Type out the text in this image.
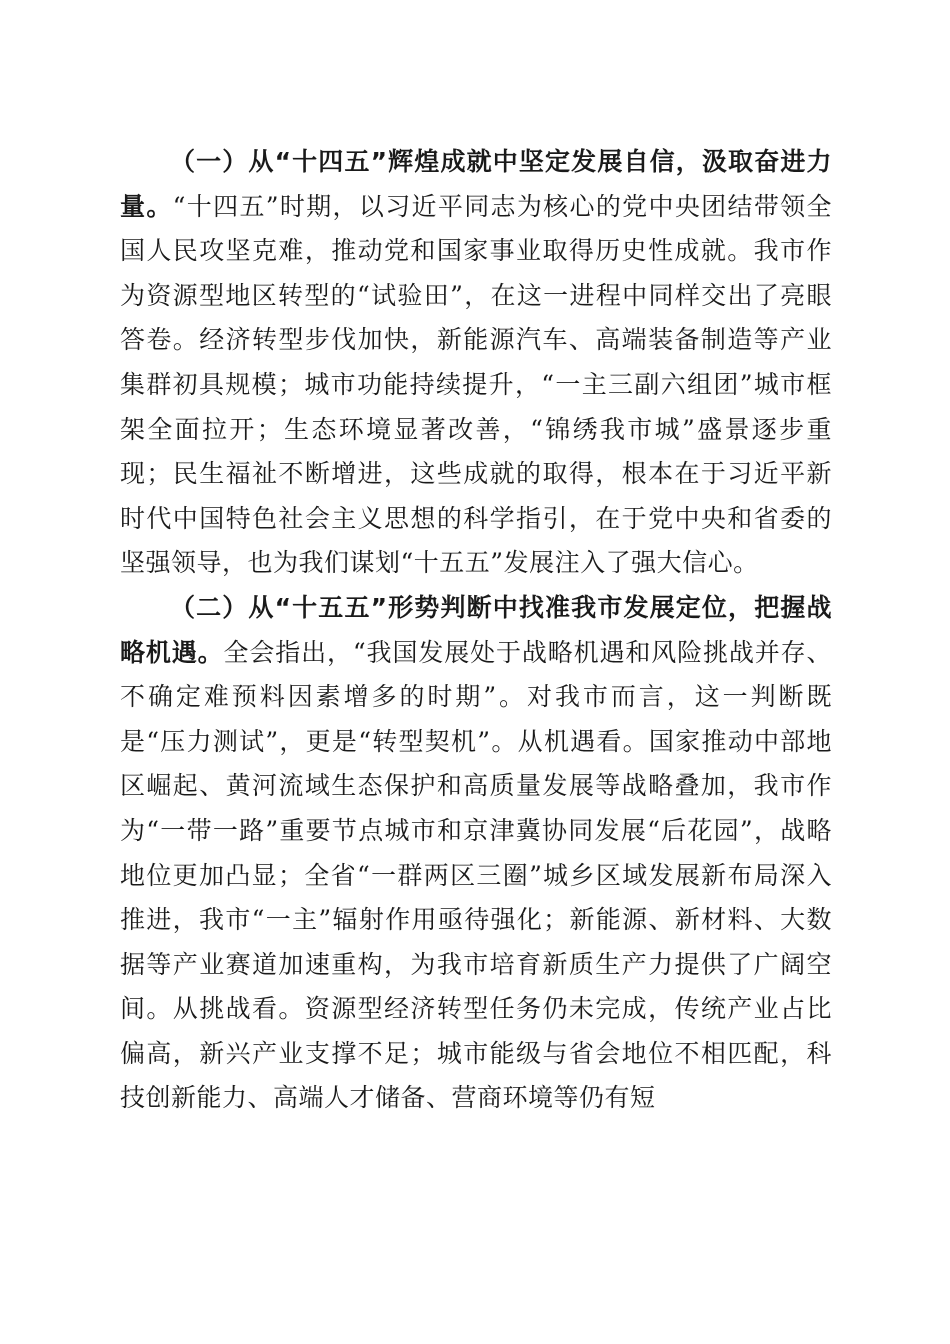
（一）从“十四五”辉煌成就中坚定发展自信，汲取奋进力量。“十四五”时期，以习近平同志为核心的党中央团结带领全国人民攻坚克难，推动党和国家事业取得历史性成就。我市作为资源型地区转型的“试验田”，在这一进程中同样交出了亮眼答卷。经济转型步伐加快，新能源汽车、高端装备制造等产业集群初具规模；城市功能持续提升，“一主三副六组团”城市框架全面拉开；生态环境显著改善，“锦绣我市城”盛景逐步重现；民生福祉不断增进，这些成就的取得，根本在于习近平新时代中国特色社会主义思想的科学指引，在于党中央和省委的坚强领导，也为我们谋划“十五五”发展注入了强大信心。

（二）从“十五五”形势判断中找准我市发展定位，把握战略机遇。全会指出，“我国发展处于战略机遇和风险挑战并存、不确定难预料因素增多的时期”。对我市而言，这一判断既是“压力测试”，更是“转型契机”。从机遇看。国家推动中部地区崛起、黄河流域生态保护和高质量发展等战略叠加，我市作为“一带一路”重要节点城市和京津冀协同发展“后花园”，战略地位更加凸显；全省“一群两区三圈”城乡区域发展新布局深入推进，我市“一主”辐射作用亟待强化；新能源、新材料、大数据等产业赛道加速重构，为我市培育新质生产力提供了广阔空间。从挑战看。资源型经济转型任务仍未完成，传统产业占比偏高，新兴产业支撑不足；城市能级与省会地位不相匹配，科技创新能力、高端人才储备、营商环境等仍有短
